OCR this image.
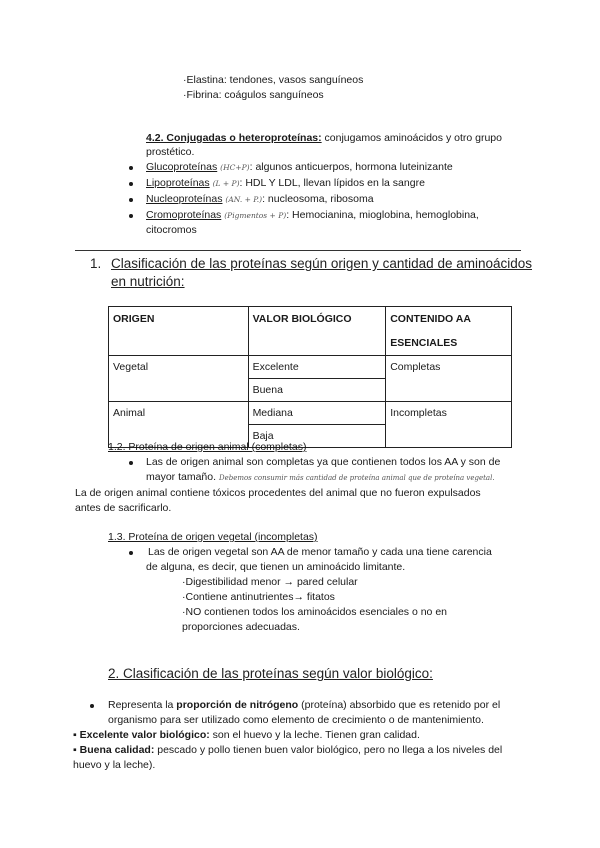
·Elastina: tendones, vasos sanguíneos
·Fibrina: coágulos sanguíneos
4.2. Conjugadas o heteroproteínas: conjugamos aminoácidos y otro grupo
prostético.
Glucoproteínas (HC+P): algunos anticuerpos, hormona luteinizante
Lipoproteínas (L + P): HDL Y LDL, llevan lípidos en la sangre
Nucleoproteínas (AN. + P.): nucleosoma, ribosoma
Cromoproteínas (Pigmentos + P): Hemocianina, mioglobina, hemoglobina,
citocromos
1. Clasificación de las proteínas según origen y cantidad de aminoácidos
en nutrición:
ORIGEN	VALOR BIOLÓGICO	CONTENIDO AA ESENCIALES
Vegetal	Excelente	Completas
	Buena	
Animal	Mediana	Incompletas
	Baja	
1.2. Proteína de origen animal (completas)
Las de origen animal son completas ya que contienen todos los AA y son de
mayor tamaño. Debemos consumir más cantidad de proteína animal que de proteína vegetal.
La de origen animal contiene tóxicos procedentes del animal que no fueron expulsados
antes de sacrificarlo.
1.3. Proteína de origen vegetal (incompletas)
Las de origen vegetal son AA de menor tamaño y cada una tiene carencia
de alguna, es decir, que tienen un aminoácido limitante.
·Digestibilidad menor → pared celular
·Contiene antinutrientes→ fitatos
·NO contienen todos los aminoácidos esenciales o no en
proporciones adecuadas.
2. Clasificación de las proteínas según valor biológico:
Representa la proporción de nitrógeno (proteína) absorbido que es retenido por el
organismo para ser utilizado como elemento de crecimiento o de mantenimiento.
▪ Excelente valor biológico: son el huevo y la leche. Tienen gran calidad.
▪ Buena calidad: pescado y pollo tienen buen valor biológico, pero no llega a los niveles del
huevo y la leche).
